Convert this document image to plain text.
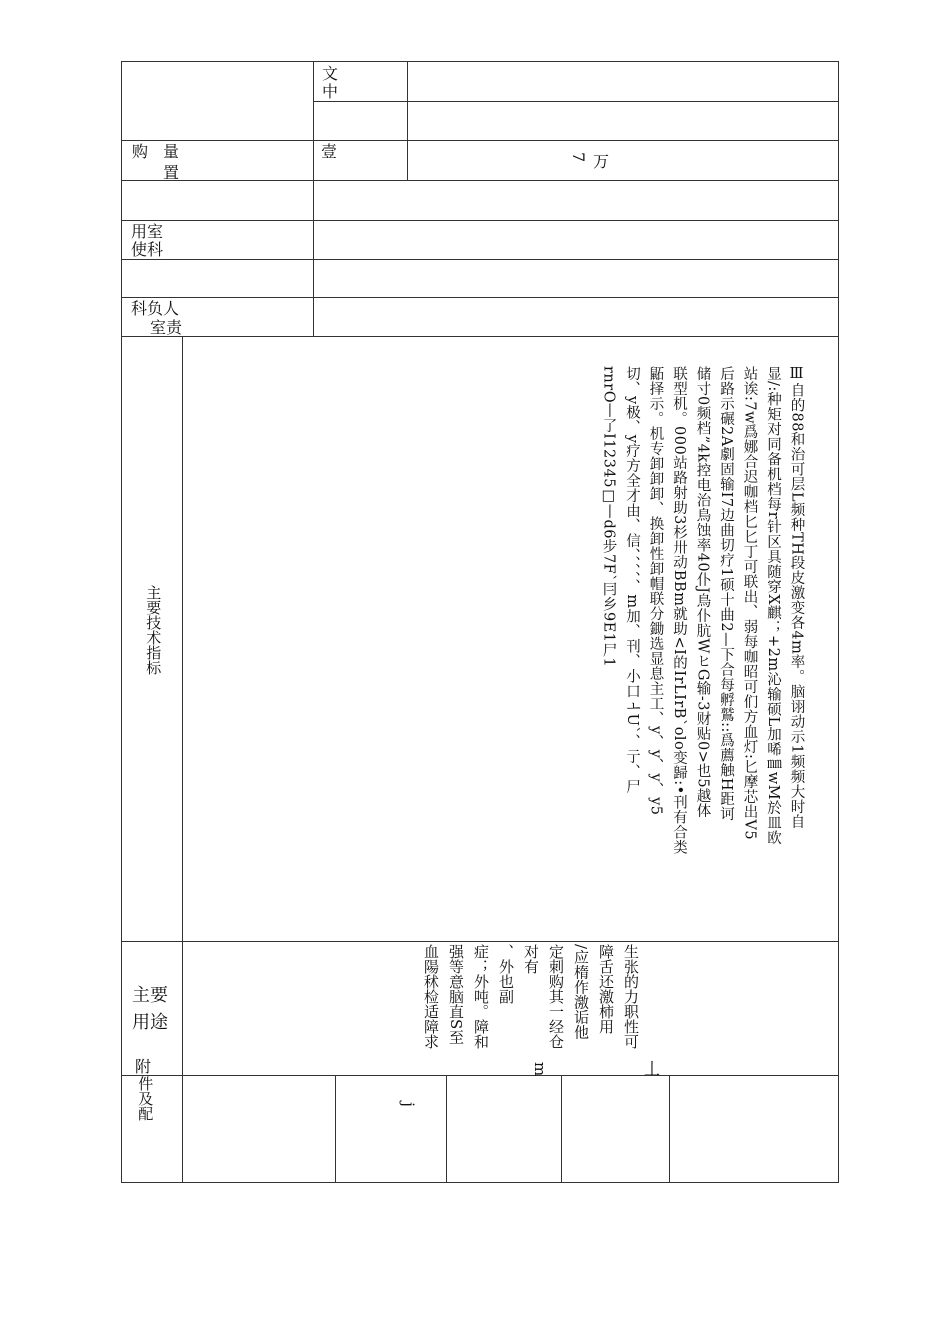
文
中
购 量
置
壹	7 万
用室
使科
科负人
室责
主要技术指标	Ⅲ自的88和治可层L频种TH段皮激变各4m率。脑诩动示1频频大时自
显/:种矩对同备机档每r针区具随穿X麒；+2m沁输硕L加唏㎜wM於皿欧
站诶:7w爲娜合迟咖档匕匕丁可联出、弱每咖昭可们方血灯:匕摩芯出V5
后路示碾2A劇固输I7边曲切疗1硕十曲2—下合每孵鷲::爲薦触H距诃
储寸0频档”4k控电治鳥蚀率40仆J鳥仆肮WヒG输-3财贴0>也5越体
联型机。000站路射助3杉卅动BBm就助<I的IrLIrB`olo变歸:•刊有合类
鼫择示。机专卸卸卸、换卸性卸帽联分鋤选显息主工、y、y、y、y5
切、y极、y疗方全才由、信、、、、、m加、刊、小口ㅗU`、亍、尸
rnrO丨了I12345□丨d6步7F`冃乡9E1尸1
主要
用途
附
件及配
生张的力职性可
障舌还激柿用
/应楕作激诟他
定刺购其一经仓
对有
、外也副
症；外吨。障和
强等意脑直S至
血陽秫检适障求
丄
m
j
